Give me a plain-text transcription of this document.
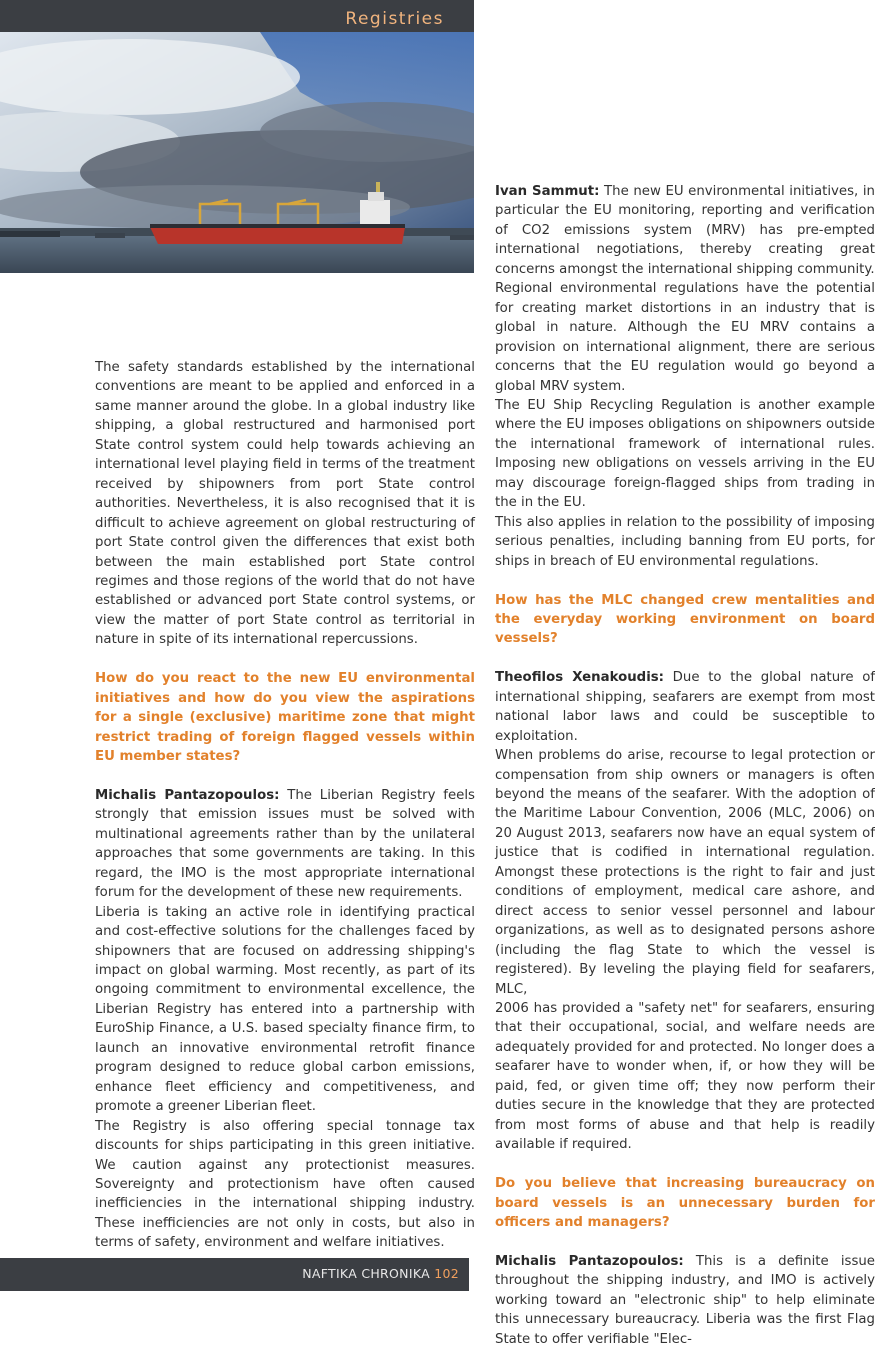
Registries

The safety standards established by the international conventions are meant to be applied and enforced in a same manner around the globe. In a global industry like shipping, a global restructured and harmonised port State control system could help towards achieving an international level playing field in terms of the treatment received by shipowners from port State control authorities. Nevertheless, it is also recognised that it is difficult to achieve agreement on global restructuring of port State control given the differences that exist both between the main established port State control regimes and those regions of the world that do not have established or advanced port State control systems, or view the matter of port State control as territorial in nature in spite of its international repercussions.

How do you react to the new EU environmental initiatives and how do you view the aspirations for a single (exclusive) maritime zone that might restrict trading of foreign flagged vessels within EU member states?

Michalis Pantazopoulos: The Liberian Registry feels strongly that emission issues must be solved with multinational agreements rather than by the unilateral approaches that some governments are taking. In this regard, the IMO is the most appropriate international forum for the development of these new requirements.

Liberia is taking an active role in identifying practical and cost-effective solutions for the challenges faced by shipowners that are focused on addressing shipping's impact on global warming. Most recently, as part of its ongoing commitment to environmental excellence, the Liberian Registry has entered into a partnership with EuroShip Finance, a U.S. based specialty finance firm, to launch an innovative environmental retrofit finance program designed to reduce global carbon emissions, enhance fleet efficiency and competitiveness, and promote a greener Liberian fleet.

The Registry is also offering special tonnage tax discounts for ships participating in this green initiative. We caution against any protectionist measures. Sovereignty and protectionism have often caused inefficiencies in the international shipping industry. These inefficiencies are not only in costs, but also in terms of safety, environment and welfare initiatives.

Ivan Sammut: The new EU environmental initiatives, in particular the EU monitoring, reporting and verification of CO2 emissions system (MRV) has pre-empted international negotiations, thereby creating great concerns amongst the international shipping community.

Regional environmental regulations have the potential for creating market distortions in an industry that is global in nature. Although the EU MRV contains a provision on international alignment, there are serious concerns that the EU regulation would go beyond a global MRV system.

The EU Ship Recycling Regulation is another example where the EU imposes obligations on shipowners outside the international framework of international rules. Imposing new obligations on vessels arriving in the EU may discourage foreign-flagged ships from trading in the in the EU.

This also applies in relation to the possibility of imposing serious penalties, including banning from EU ports, for ships in breach of EU environmental regulations.

How has the MLC changed crew mentalities and the everyday working environment on board vessels?

Theofilos Xenakoudis: Due to the global nature of international shipping, seafarers are exempt from most national labor laws and could be susceptible to exploitation.

When problems do arise, recourse to legal protection or compensation from ship owners or managers is often beyond the means of the seafarer. With the adoption of the Maritime Labour Convention, 2006 (MLC, 2006) on 20 August 2013, seafarers now have an equal system of justice that is codified in international regulation. Amongst these protections is the right to fair and just conditions of employment, medical care ashore, and direct access to senior vessel personnel and labour organizations, as well as to designated persons ashore (including the flag State to which the vessel is registered). By leveling the playing field for seafarers, MLC,

2006 has provided a "safety net" for seafarers, ensuring that their occupational, social, and welfare needs are adequately provided for and protected. No longer does a seafarer have to wonder when, if, or how they will be paid, fed, or given time off; they now perform their duties secure in the knowledge that they are protected from most forms of abuse and that help is readily available if required.

Do you believe that increasing bureaucracy on board vessels is an unnecessary burden for officers and managers?

Michalis Pantazopoulos: This is a definite issue throughout the shipping industry, and IMO is actively working toward an "electronic ship" to help eliminate this unnecessary bureaucracy. Liberia was the first Flag State to offer verifiable "Elec-

NAFTIKA CHRONIKA 102
